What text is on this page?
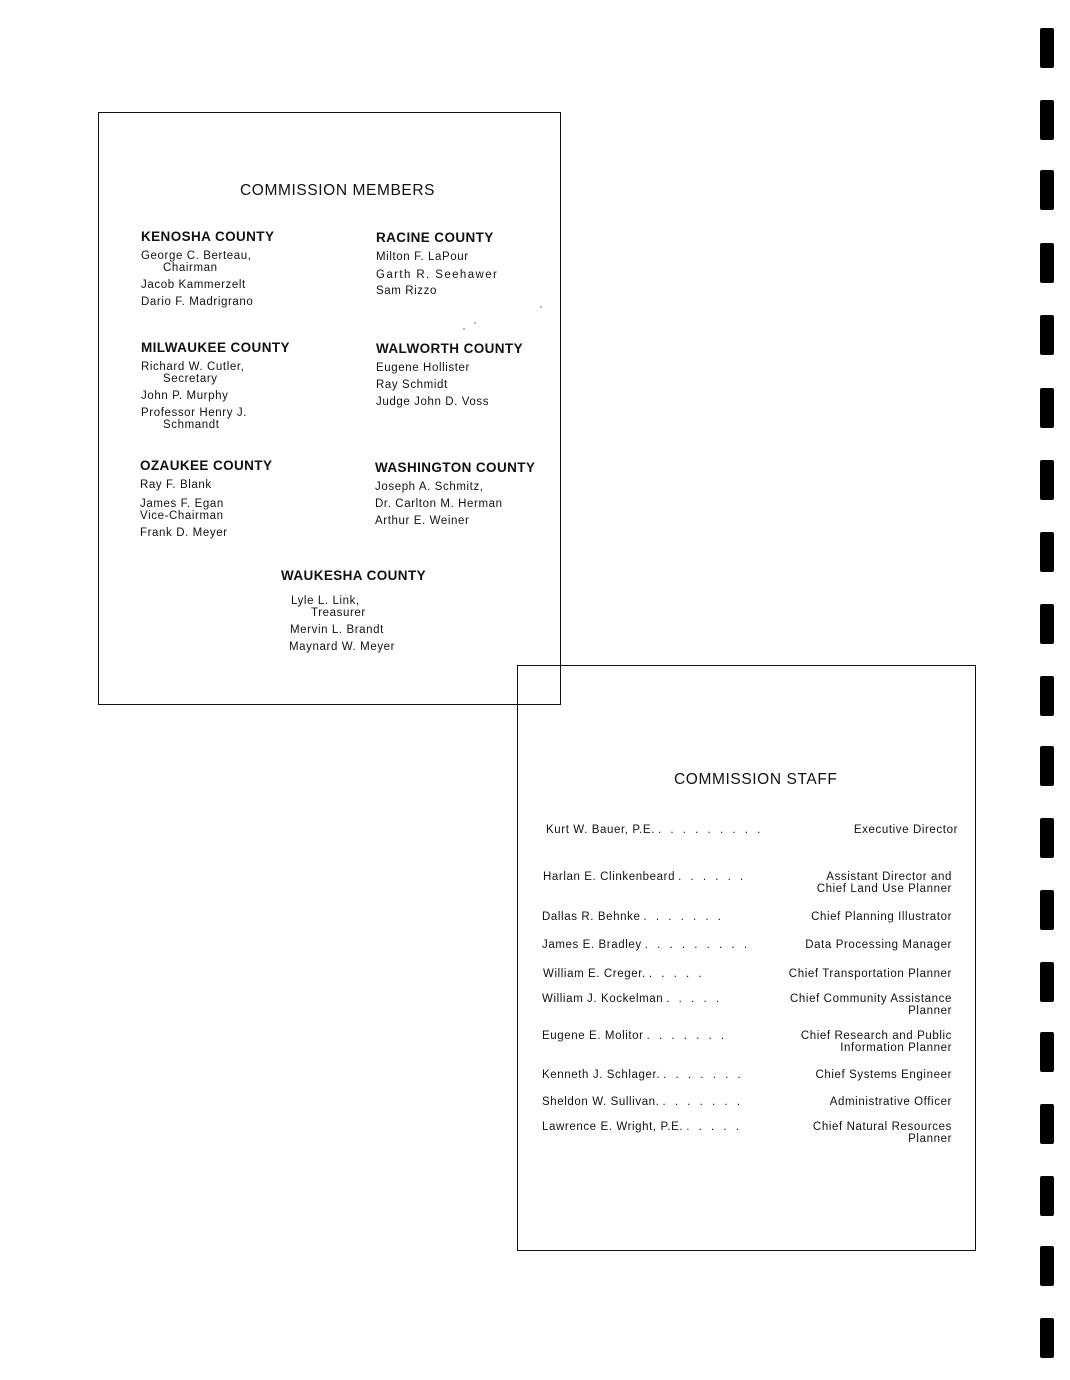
COMMISSION MEMBERS
KENOSHA COUNTY
George C. Berteau,
Chairman
Jacob Kammerzelt
Dario F. Madrigrano
RACINE COUNTY
Milton F. LaPour
Garth R. Seehawer
Sam Rizzo
MILWAUKEE COUNTY
Richard W. Cutler,
Secretary
John P. Murphy
Professor Henry J.
Schmandt
WALWORTH COUNTY
Eugene Hollister
Ray Schmidt
Judge John D. Voss
OZAUKEE COUNTY
Ray F. Blank
James F. Egan
Vice-Chairman
Frank D. Meyer
WASHINGTON COUNTY
Joseph A. Schmitz,
Dr. Carlton M. Herman
Arthur E. Weiner
WAUKESHA COUNTY
Lyle L. Link,
Treasurer
Mervin L. Brandt
Maynard W. Meyer
COMMISSION STAFF
Kurt W. Bauer, P.E. . . . . . . . . .	Executive Director
Harlan E. Clinkenbeard . . . . . .	Assistant Director and
Chief Land Use Planner
Dallas R. Behnke . . . . . . .	Chief Planning Illustrator
James E. Bradley . . . . . . . . .	Data Processing Manager
William E. Creger. . . . . .	Chief Transportation Planner
William J. Kockelman . . . . .	Chief Community Assistance
Planner
Eugene E. Molitor . . . . . . .	Chief Research and Public
Information Planner
Kenneth J. Schlager. . . . . . . .	Chief Systems Engineer
Sheldon W. Sullivan. . . . . . . .	Administrative Officer
Lawrence E. Wright, P.E. . . . . .	Chief Natural Resources
Planner
